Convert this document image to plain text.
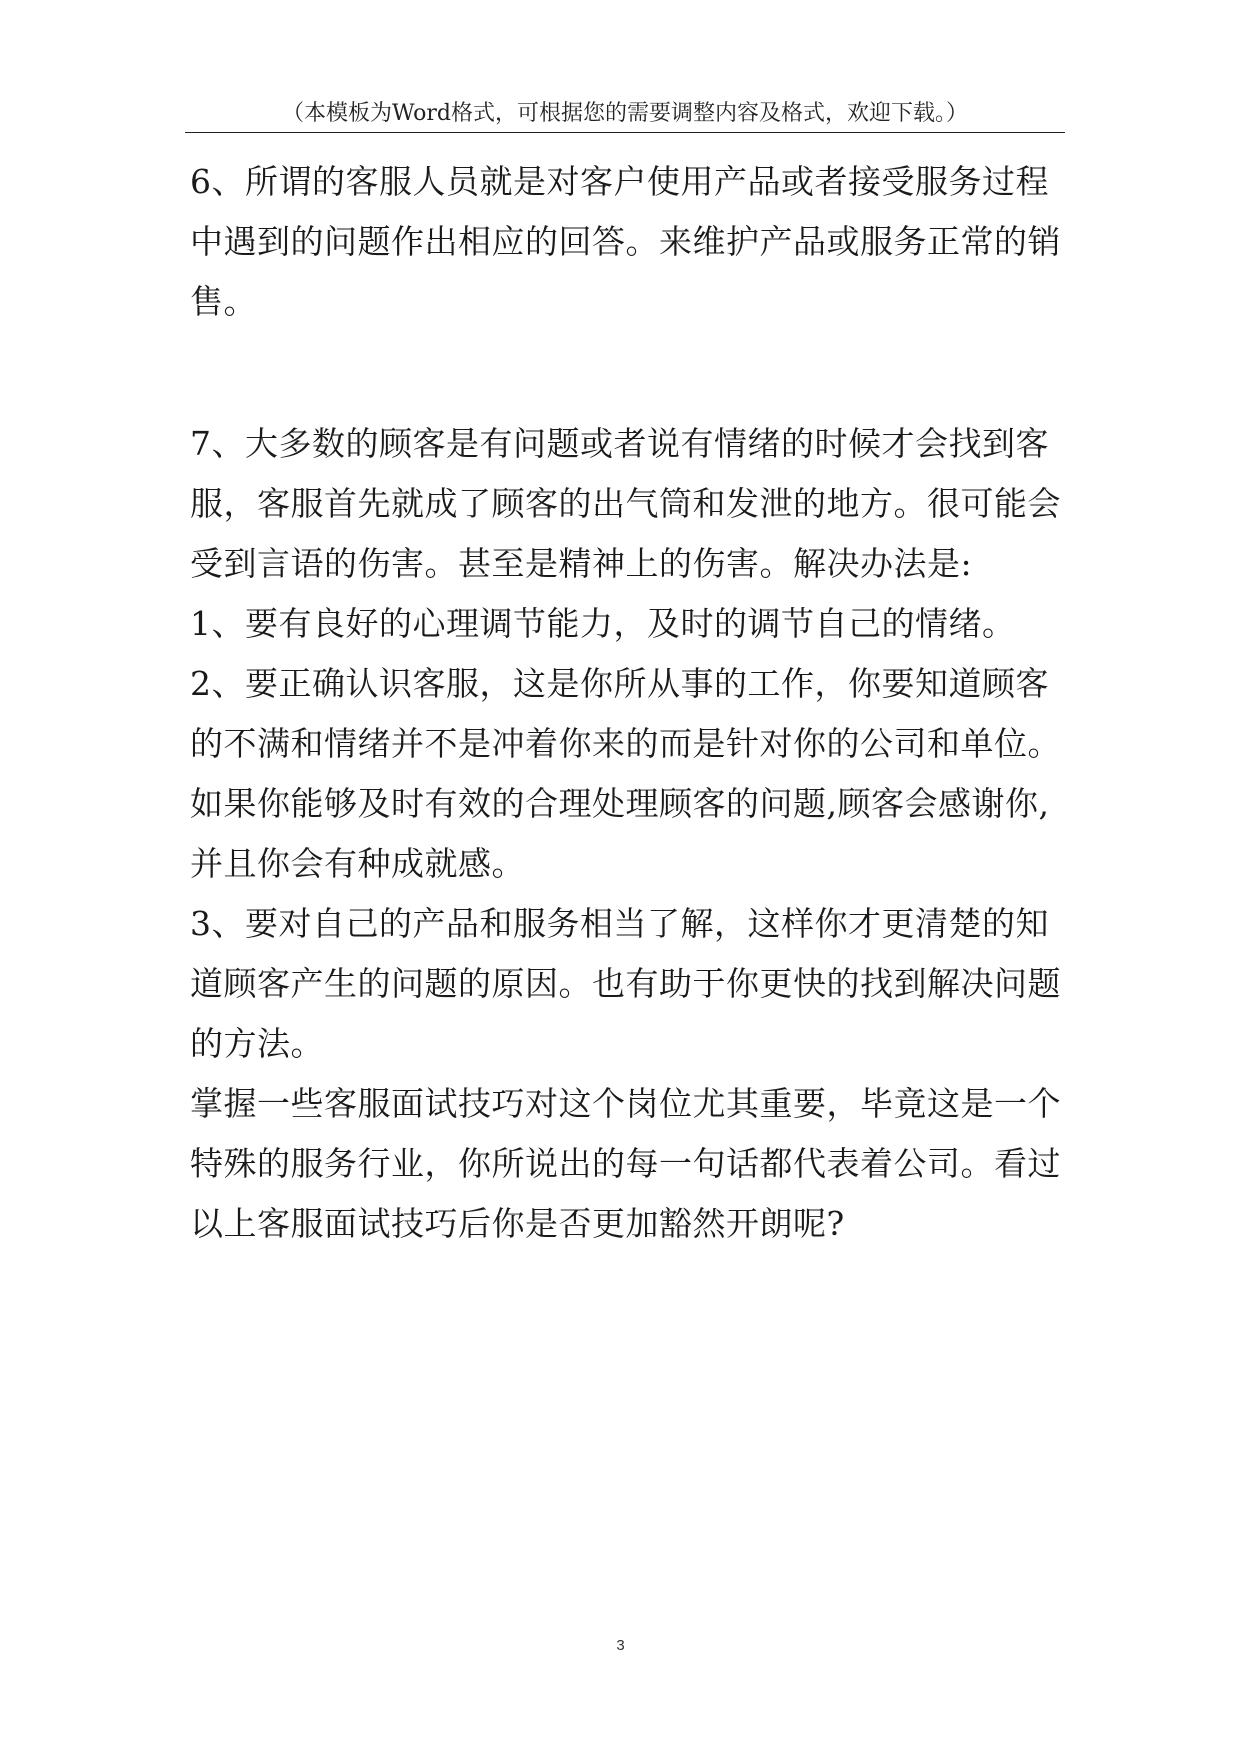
（本模板为Word格式，可根据您的需要调整内容及格式，欢迎下载。）
6、所谓的客服人员就是对客户使用产品或者接受服务过程
中遇到的问题作出相应的回答。来维护产品或服务正常的销
售。
7、大多数的顾客是有问题或者说有情绪的时候才会找到客
服，客服首先就成了顾客的出气筒和发泄的地方。很可能会
受到言语的伤害。甚至是精神上的伤害。解决办法是:
1、要有良好的心理调节能力，及时的调节自己的情绪。
2、要正确认识客服，这是你所从事的工作，你要知道顾客
的不满和情绪并不是冲着你来的而是针对你的公司和单位。
如果你能够及时有效的合理处理顾客的问题,顾客会感谢你,
并且你会有种成就感。
3、要对自己的产品和服务相当了解，这样你才更清楚的知
道顾客产生的问题的原因。也有助于你更快的找到解决问题
的方法。
掌握一些客服面试技巧对这个岗位尤其重要，毕竟这是一个
特殊的服务行业，你所说出的每一句话都代表着公司。看过
以上客服面试技巧后你是否更加豁然开朗呢?
3
